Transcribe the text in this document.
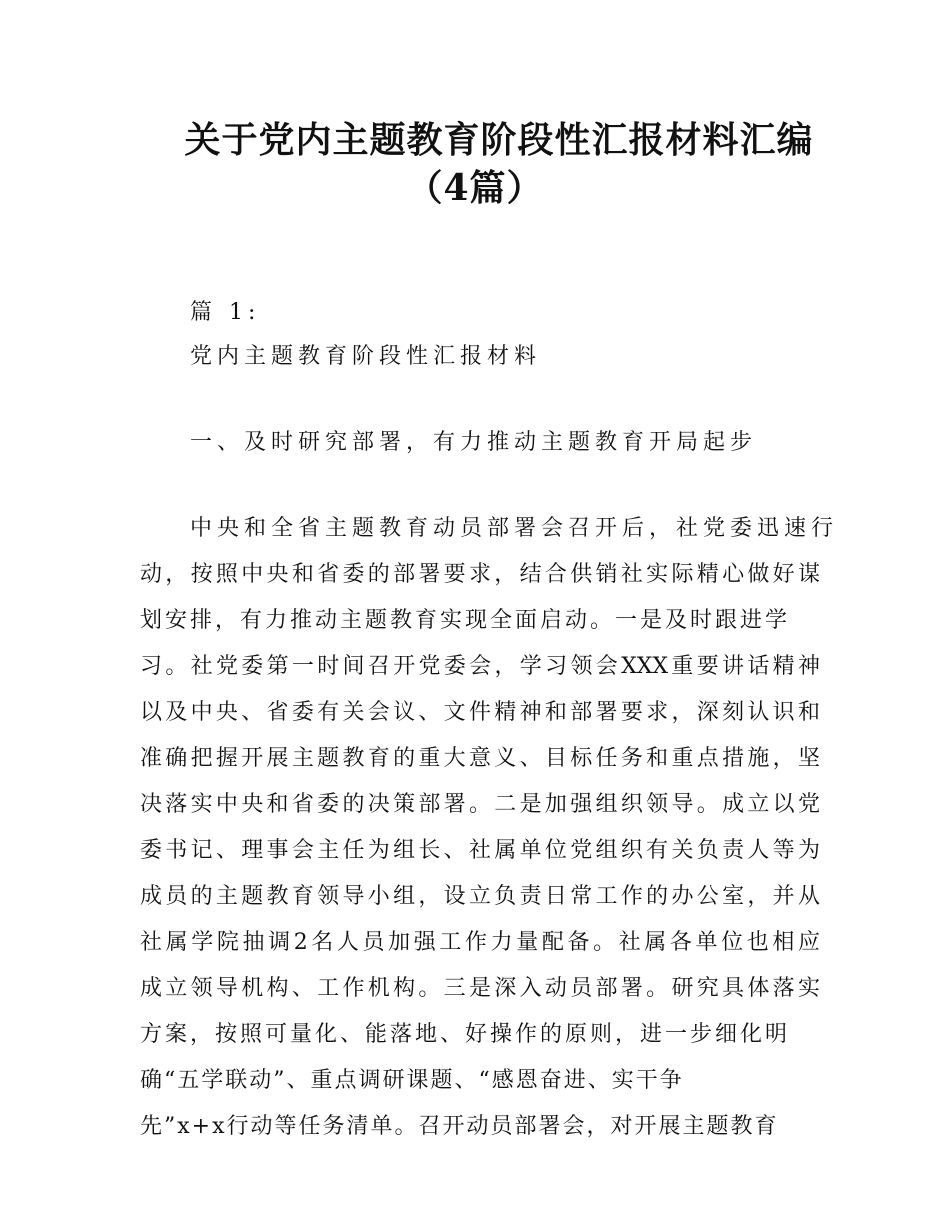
关于党内主题教育阶段性汇报材料汇编
（4篇）
篇 1:
党内主题教育阶段性汇报材料
一、及时研究部署，有力推动主题教育开局起步
中央和全省主题教育动员部署会召开后，社党委迅速行
动，按照中央和省委的部署要求，结合供销社实际精心做好谋
划安排，有力推动主题教育实现全面启动。一是及时跟进学
习。社党委第一时间召开党委会，学习领会XXX重要讲话精神
以及中央、省委有关会议、文件精神和部署要求，深刻认识和
准确把握开展主题教育的重大意义、目标任务和重点措施，坚
决落实中央和省委的决策部署。二是加强组织领导。成立以党
委书记、理事会主任为组长、社属单位党组织有关负责人等为
成员的主题教育领导小组，设立负责日常工作的办公室，并从
社属学院抽调2名人员加强工作力量配备。社属各单位也相应
成立领导机构、工作机构。三是深入动员部署。研究具体落实
方案，按照可量化、能落地、好操作的原则，进一步细化明
确“五学联动”、重点调研课题、“感恩奋进、实干争
先”x+x行动等任务清单。召开动员部署会，对开展主题教育
